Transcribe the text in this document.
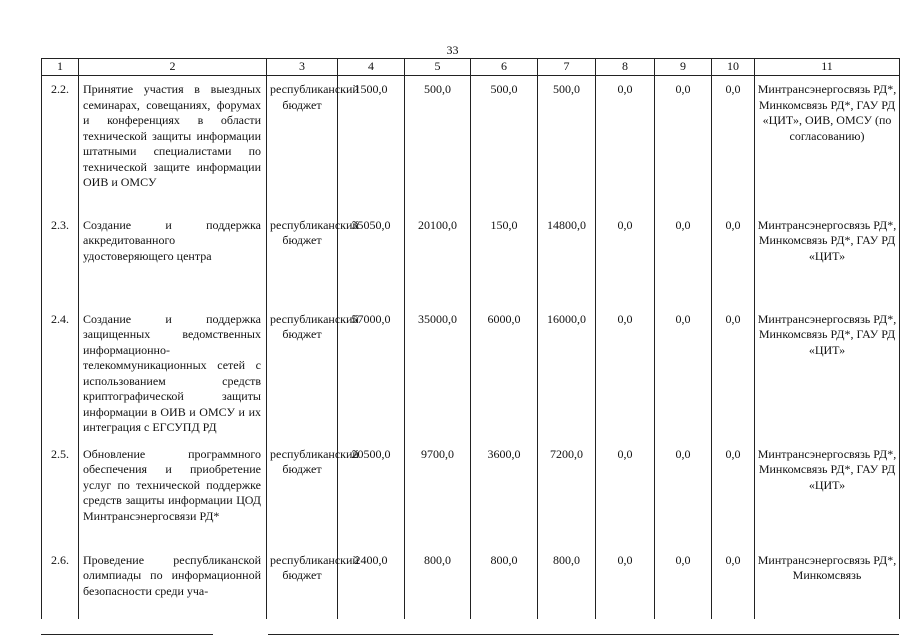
33
1	2	3	4	5	6	7	8	9	10	11
2.2.	Принятие участия в выездных семинарах, совещаниях, форумах и конференциях в области технической защиты информации штатными специалистами по технической защите информации ОИВ и ОМСУ	республиканский бюджет	1500,0	500,0	500,0	500,0	0,0	0,0	0,0	Минтрансэнергосвязь РД*, Минкомсвязь РД*, ГАУ РД «ЦИТ», ОИВ, ОМСУ (по согласованию)
2.3.	Создание и поддержка аккредитованного удостоверяющего центра	республиканский бюджет	35050,0	20100,0	150,0	14800,0	0,0	0,0	0,0	Минтрансэнергосвязь РД*, Минкомсвязь РД*, ГАУ РД «ЦИТ»
2.4.	Создание и поддержка защищенных ведомственных информационно-телекоммуникационных сетей с использованием средств криптографической защиты информации в ОИВ и ОМСУ и их интеграция с ЕГСУПД РД	республиканский бюджет	57000,0	35000,0	6000,0	16000,0	0,0	0,0	0,0	Минтрансэнергосвязь РД*, Минкомсвязь РД*, ГАУ РД «ЦИТ»
2.5.	Обновление программного обеспечения и приобретение услуг по технической поддержке средств защиты информации ЦОД Минтрансэнергосвязи РД*	республиканский бюджет	20500,0	9700,0	3600,0	7200,0	0,0	0,0	0,0	Минтрансэнергосвязь РД*, Минкомсвязь РД*, ГАУ РД «ЦИТ»
2.6.	Проведение республиканской олимпиады по информационной безопасности среди уча-	республиканский бюджет	2400,0	800,0	800,0	800,0	0,0	0,0	0,0	Минтрансэнергосвязь РД*, Минкомсвязь
